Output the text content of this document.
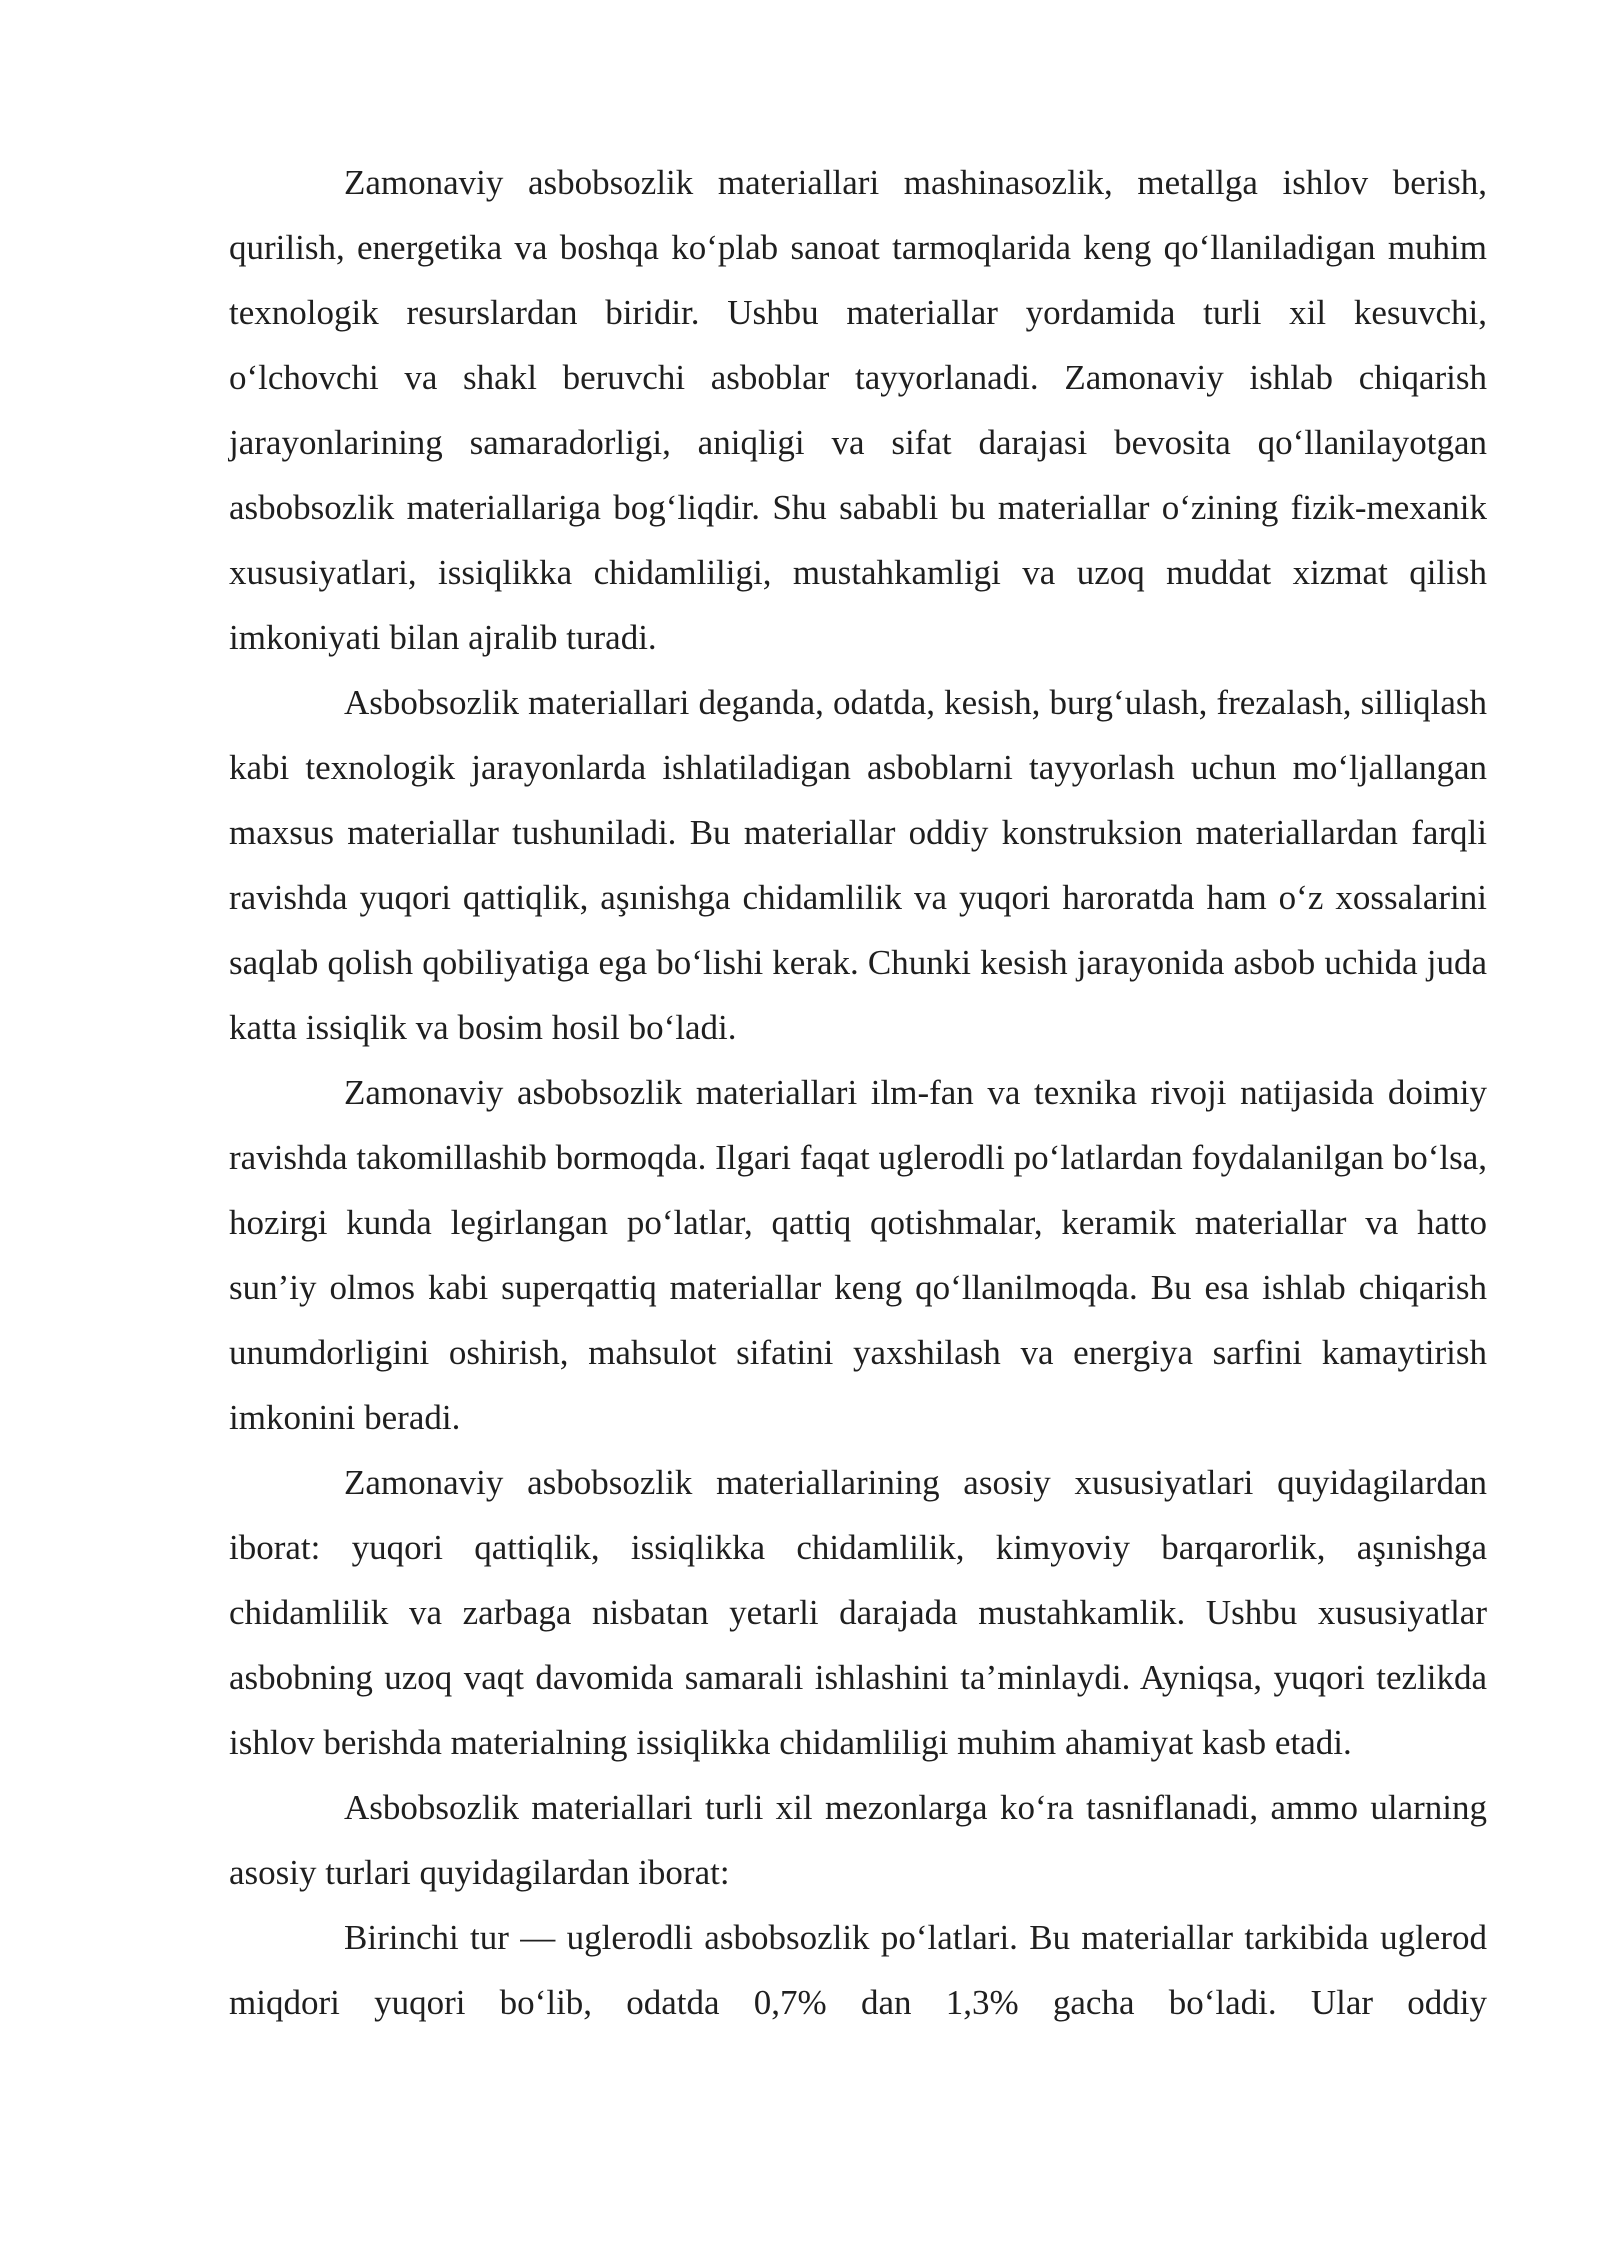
Zamonaviy asbobsozlik materiallari mashinasozlik, metallga ishlov berish, qurilish, energetika va boshqa ko‘plab sanoat tarmoqlarida keng qo‘llaniladigan muhim texnologik resurslardan biridir. Ushbu materiallar yordamida turli xil kesuvchi, o‘lchovchi va shakl beruvchi asboblar tayyorlanadi. Zamonaviy ishlab chiqarish jarayonlarining samaradorligi, aniqligi va sifat darajasi bevosita qo‘llanilayotgan asbobsozlik materiallariga bog‘liqdir. Shu sababli bu materiallar o‘zining fizik-mexanik xususiyatlari, issiqlikka chidamliligi, mustahkamligi va uzoq muddat xizmat qilish imkoniyati bilan ajralib turadi.

Asbobsozlik materiallari deganda, odatda, kesish, burg‘ulash, frezalash, silliqlash kabi texnologik jarayonlarda ishlatiladigan asboblarni tayyorlash uchun mo‘ljallangan maxsus materiallar tushuniladi. Bu materiallar oddiy konstruksion materiallardan farqli ravishda yuqori qattiqlik, aşınishga chidamlilik va yuqori haroratda ham o‘z xossalarini saqlab qolish qobiliyatiga ega bo‘lishi kerak. Chunki kesish jarayonida asbob uchida juda katta issiqlik va bosim hosil bo‘ladi.

Zamonaviy asbobsozlik materiallari ilm-fan va texnika rivoji natijasida doimiy ravishda takomillashib bormoqda. Ilgari faqat uglerodli po‘latlardan foydalanilgan bo‘lsa, hozirgi kunda legirlangan po‘latlar, qattiq qotishmalar, keramik materiallar va hatto sun’iy olmos kabi superqattiq materiallar keng qo‘llanilmoqda. Bu esa ishlab chiqarish unumdorligini oshirish, mahsulot sifatini yaxshilash va energiya sarfini kamaytirish imkonini beradi.

Zamonaviy asbobsozlik materiallarining asosiy xususiyatlari quyidagilardan iborat: yuqori qattiqlik, issiqlikka chidamlilik, kimyoviy barqarorlik, aşınishga chidamlilik va zarbaga nisbatan yetarli darajada mustahkamlik. Ushbu xususiyatlar asbobning uzoq vaqt davomida samarali ishlashini ta’minlaydi. Ayniqsa, yuqori tezlikda ishlov berishda materialning issiqlikka chidamliligi muhim ahamiyat kasb etadi.

Asbobsozlik materiallari turli xil mezonlarga ko‘ra tasniflanadi, ammo ularning asosiy turlari quyidagilardan iborat:

Birinchi tur — uglerodli asbobsozlik po‘latlari. Bu materiallar tarkibida uglerod miqdori yuqori bo‘lib, odatda 0,7% dan 1,3% gacha bo‘ladi. Ular oddiy
